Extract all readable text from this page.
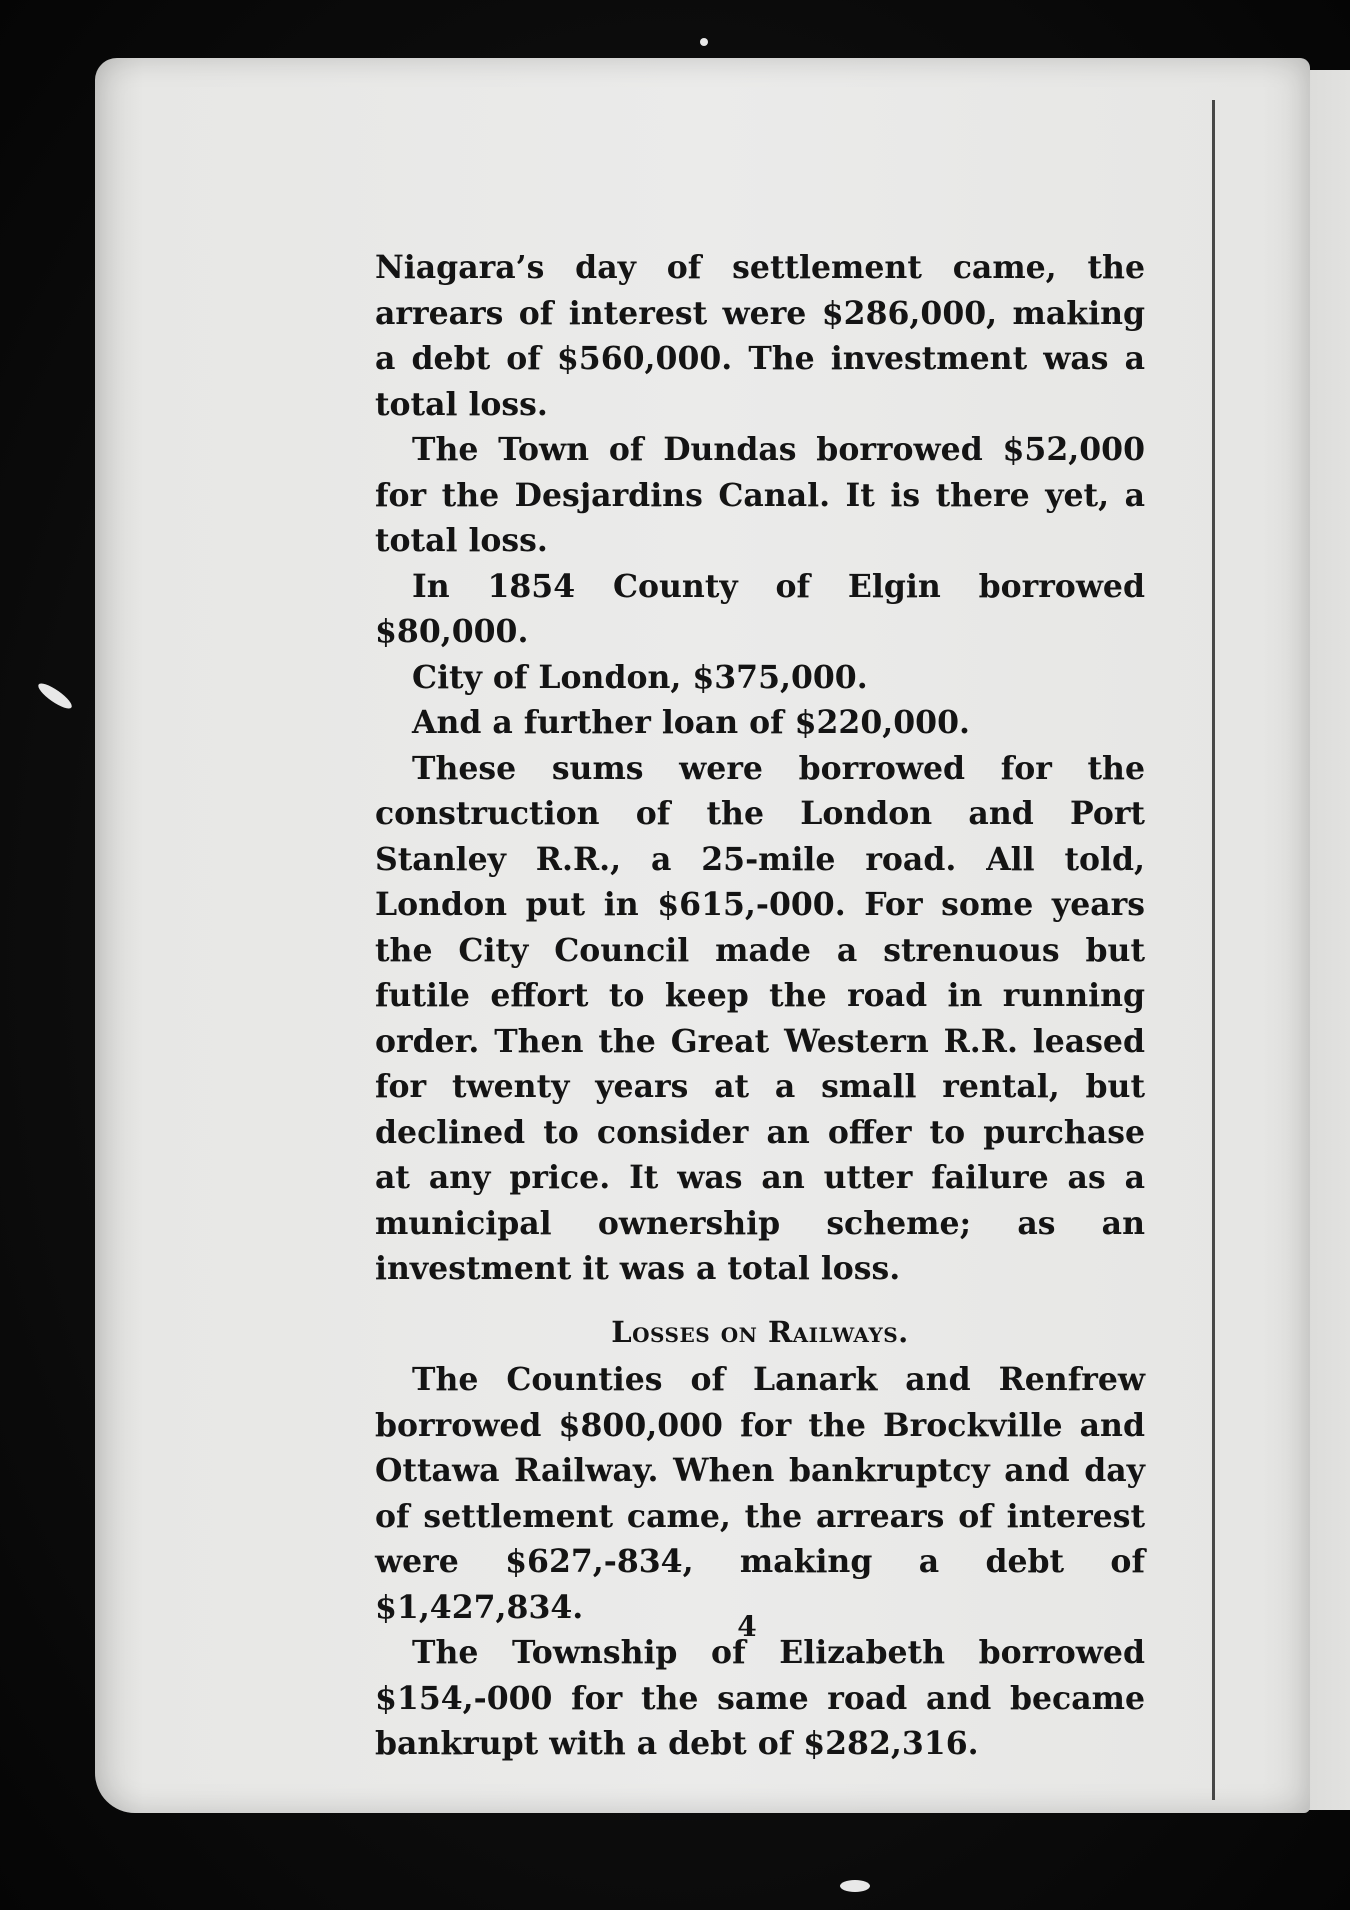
Niagara’s day of settlement came, the arrears of interest were $286,000, making a debt of $560,000. The investment was a total loss.

The Town of Dundas borrowed $52,000 for the Desjardins Canal. It is there yet, a total loss.

In 1854 County of Elgin borrowed $80,000.

City of London, $375,000.

And a further loan of $220,000.

These sums were borrowed for the construction of the London and Port Stanley R.R., a 25-mile road. All told, London put in $615,-000. For some years the City Council made a strenuous but futile effort to keep the road in running order. Then the Great Western R.R. leased for twenty years at a small rental, but declined to consider an offer to purchase at any price. It was an utter failure as a municipal ownership scheme; as an investment it was a total loss.

Losses on Railways.

The Counties of Lanark and Renfrew borrowed $800,000 for the Brockville and Ottawa Railway. When bankruptcy and day of settlement came, the arrears of interest were $627,-834, making a debt of $1,427,834.

The Township of Elizabeth borrowed $154,-000 for the same road and became bankrupt with a debt of $282,316.

4
